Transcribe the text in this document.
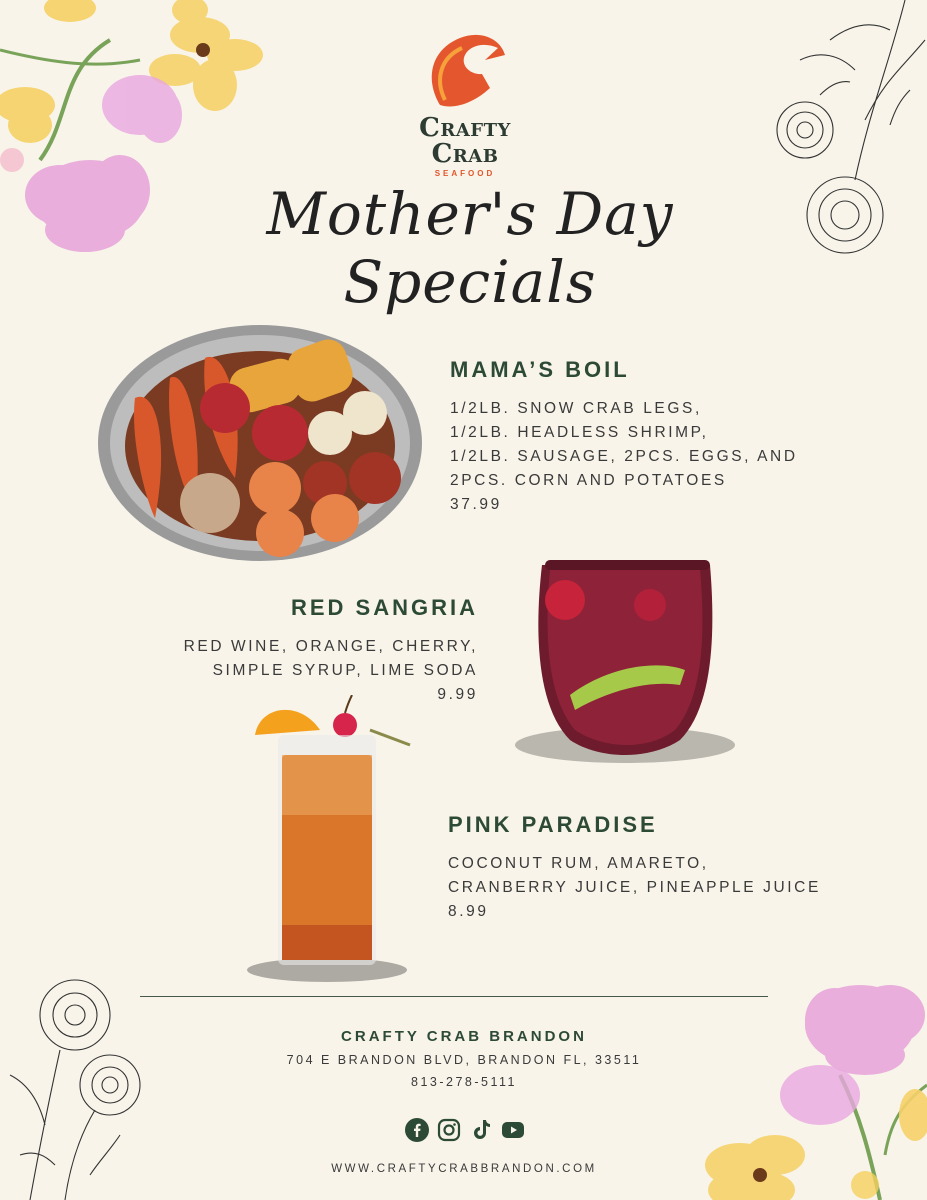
Crafty Crab
SEAFOOD
Mother's Day Specials
MAMA’S BOIL
1/2LB. SNOW CRAB LEGS,
1/2LB. HEADLESS SHRIMP,
1/2LB. SAUSAGE, 2PCS. EGGS, AND
2PCS. CORN AND POTATOES
37.99
RED SANGRIA
RED WINE, ORANGE, CHERRY,
SIMPLE SYRUP, LIME SODA
9.99
PINK PARADISE
COCONUT RUM, AMARETO,
CRANBERRY JUICE, PINEAPPLE JUICE
8.99
CRAFTY CRAB BRANDON
704 E BRANDON BLVD, BRANDON FL, 33511
813-278-5111
WWW.CRAFTYCRABBRANDON.COM
